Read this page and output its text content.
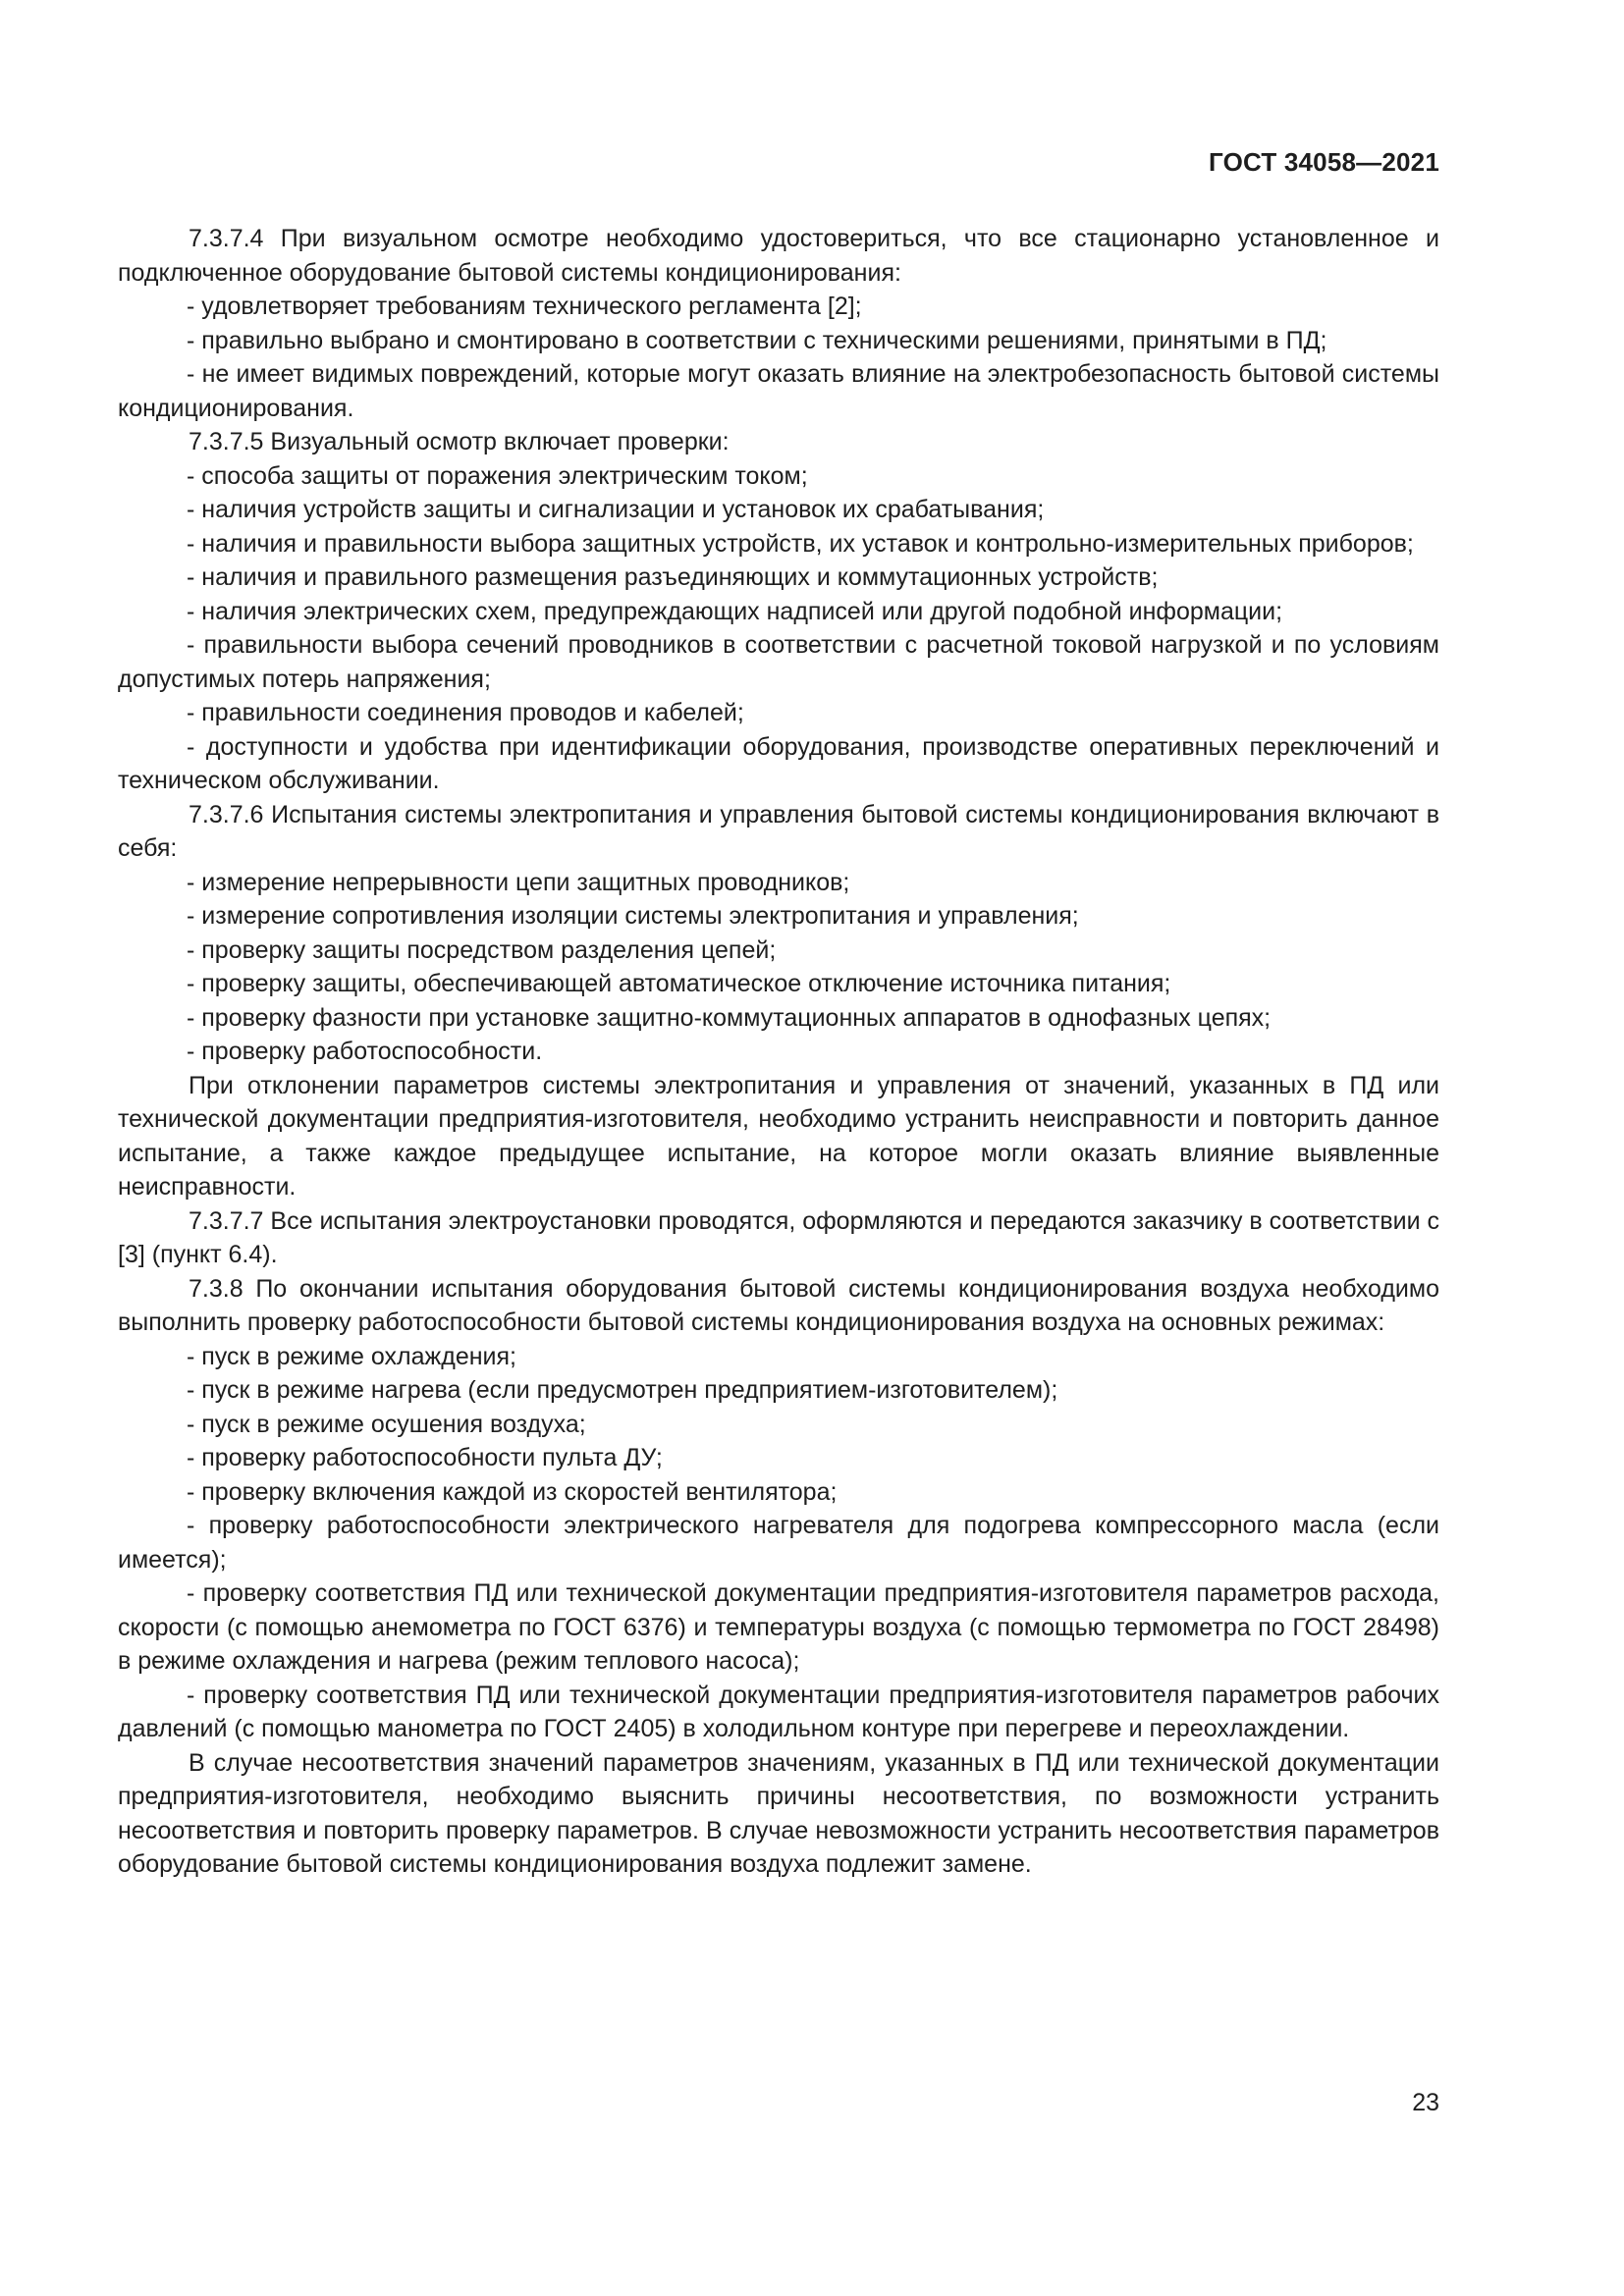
ГОСТ 34058—2021

7.3.7.4 При визуальном осмотре необходимо удостовериться, что все стационарно установленное и подключенное оборудование бытовой системы кондиционирования:

- удовлетворяет требованиям технического регламента [2];

- правильно выбрано и смонтировано в соответствии с техническими решениями, принятыми в ПД;

- не имеет видимых повреждений, которые могут оказать влияние на электробезопасность бытовой системы кондиционирования.

7.3.7.5 Визуальный осмотр включает проверки:

- способа защиты от поражения электрическим током;

- наличия устройств защиты и сигнализации и установок их срабатывания;

- наличия и правильности выбора защитных устройств, их уставок и контрольно-измерительных приборов;

- наличия и правильного размещения разъединяющих и коммутационных устройств;

- наличия электрических схем, предупреждающих надписей или другой подобной информации;

- правильности выбора сечений проводников в соответствии с расчетной токовой нагрузкой и по условиям допустимых потерь напряжения;

- правильности соединения проводов и кабелей;

- доступности и удобства при идентификации оборудования, производстве оперативных переключений и техническом обслуживании.

7.3.7.6 Испытания системы электропитания и управления бытовой системы кондиционирования включают в себя:

- измерение непрерывности цепи защитных проводников;

- измерение сопротивления изоляции системы электропитания и управления;

- проверку защиты посредством разделения цепей;

- проверку защиты, обеспечивающей автоматическое отключение источника питания;

- проверку фазности при установке защитно-коммутационных аппаратов в однофазных цепях;

- проверку работоспособности.

При отклонении параметров системы электропитания и управления от значений, указанных в ПД или технической документации предприятия-изготовителя, необходимо устранить неисправности и повторить данное испытание, а также каждое предыдущее испытание, на которое могли оказать влияние выявленные неисправности.

7.3.7.7 Все испытания электроустановки проводятся, оформляются и передаются заказчику в соответствии с [3] (пункт 6.4).

7.3.8 По окончании испытания оборудования бытовой системы кондиционирования воздуха необходимо выполнить проверку работоспособности бытовой системы кондиционирования воздуха на основных режимах:

- пуск в режиме охлаждения;

- пуск в режиме нагрева (если предусмотрен предприятием-изготовителем);

- пуск в режиме осушения воздуха;

- проверку работоспособности пульта ДУ;

- проверку включения каждой из скоростей вентилятора;

- проверку работоспособности электрического нагревателя для подогрева компрессорного масла (если имеется);

- проверку соответствия ПД или технической документации предприятия-изготовителя параметров расхода, скорости (с помощью анемометра по ГОСТ 6376) и температуры воздуха (с помощью термометра по ГОСТ 28498) в режиме охлаждения и нагрева (режим теплового насоса);

- проверку соответствия ПД или технической документации предприятия-изготовителя параметров рабочих давлений (с помощью манометра по ГОСТ 2405) в холодильном контуре при перегреве и переохлаждении.

В случае несоответствия значений параметров значениям, указанных в ПД или технической документации предприятия-изготовителя, необходимо выяснить причины несоответствия, по возможности устранить несоответствия и повторить проверку параметров. В случае невозможности устранить несоответствия параметров оборудование бытовой системы кондиционирования воздуха подлежит замене.

23
